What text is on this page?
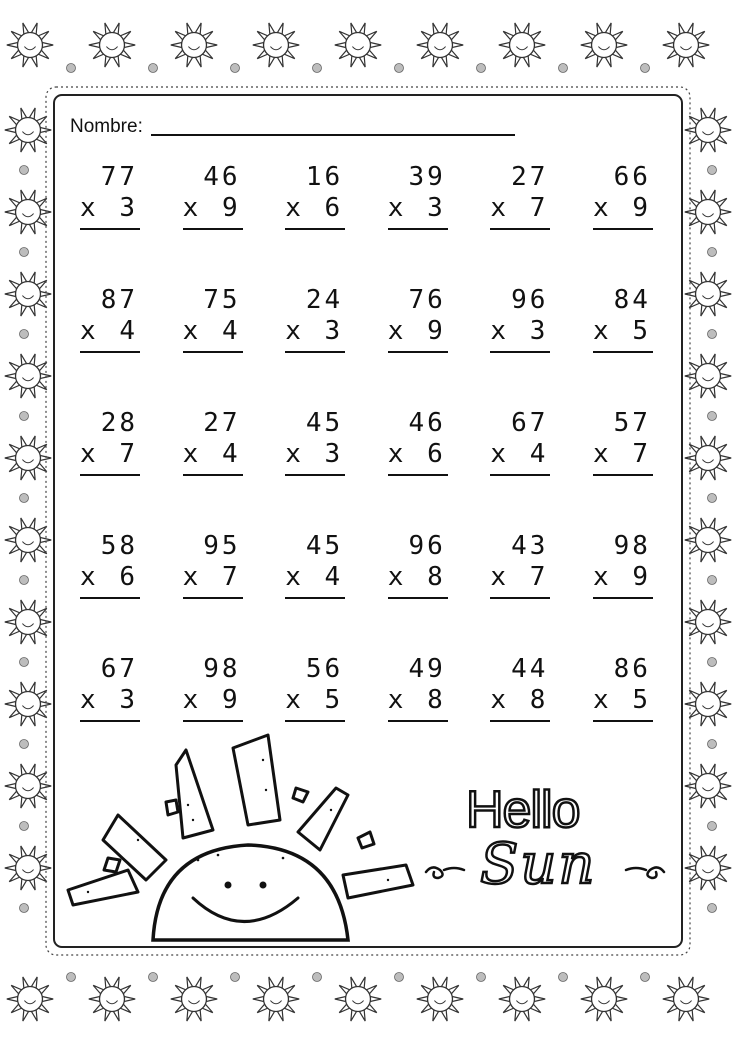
Nombre:
77
x 3
46
x 9
16
x 6
39
x 3
27
x 7
66
x 9
87
x 4
75
x 4
24
x 3
76
x 9
96
x 3
84
x 5
28
x 7
27
x 4
45
x 3
46
x 6
67
x 4
57
x 7
58
x 6
95
x 7
45
x 4
96
x 8
43
x 7
98
x 9
67
x 3
98
x 9
56
x 5
49
x 8
44
x 8
86
x 5
Hello
Sun
